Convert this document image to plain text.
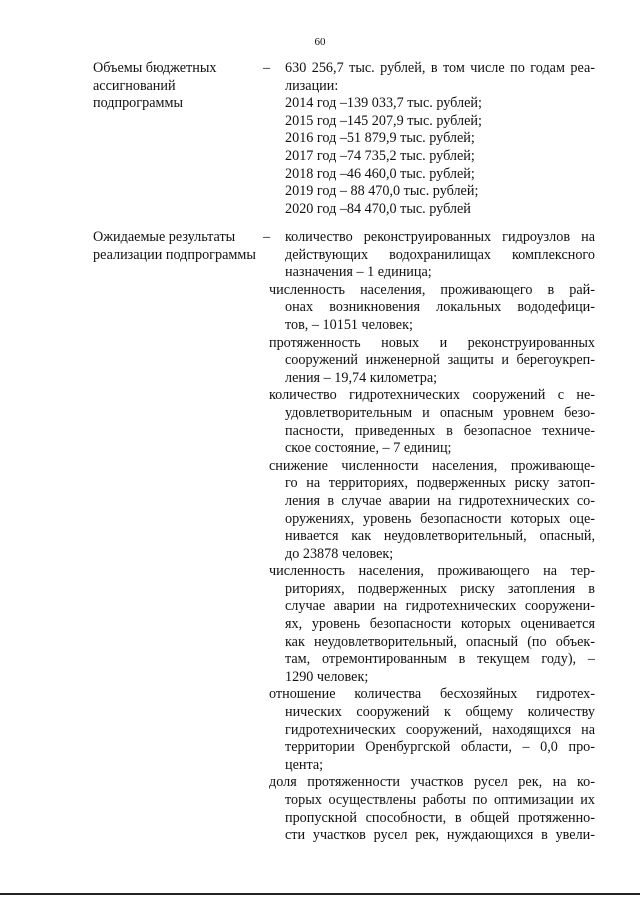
60
Объемы бюджетных ассигнований подпрограммы
– 630 256,7 тыс. рублей, в том числе по годам реа-
лизации:
2014 год –139 033,7 тыс. рублей;
2015 год –145 207,9 тыс. рублей;
2016 год –51 879,9 тыс. рублей;
2017 год –74 735,2 тыс. рублей;
2018 год –46 460,0 тыс. рублей;
2019 год – 88 470,0 тыс. рублей;
2020 год –84 470,0 тыс. рублей
Ожидаемые результаты реализации подпрограммы
– количество реконструированных гидроузлов на
действующих водохранилищах комплексного
назначения – 1 единица;
численность населения, проживающего в рай-
онах возникновения локальных вододефици-
тов, – 10151 человек;
протяженность новых и реконструированных
сооружений инженерной защиты и берегоукреп-
ления – 19,74 километра;
количество гидротехнических сооружений с не-
удовлетворительным и опасным уровнем безо-
пасности, приведенных в безопасное техниче-
ское состояние, – 7 единиц;
снижение численности населения, проживающе-
го на территориях, подверженных риску затоп-
ления в случае аварии на гидротехнических со-
оружениях, уровень безопасности которых оце-
нивается как неудовлетворительный, опасный,
до 23878 человек;
численность населения, проживающего на тер-
риториях, подверженных риску затопления в
случае аварии на гидротехнических сооружени-
ях, уровень безопасности которых оценивается
как неудовлетворительный, опасный (по объек-
там, отремонтированным в текущем году), –
1290 человек;
отношение количества бесхозяйных гидротех-
нических сооружений к общему количеству
гидротехнических сооружений, находящихся на
территории Оренбургской области, – 0,0 про-
цента;
доля протяженности участков русел рек, на ко-
торых осуществлены работы по оптимизации их
пропускной способности, в общей протяженно-
сти участков русел рек, нуждающихся в увели-
